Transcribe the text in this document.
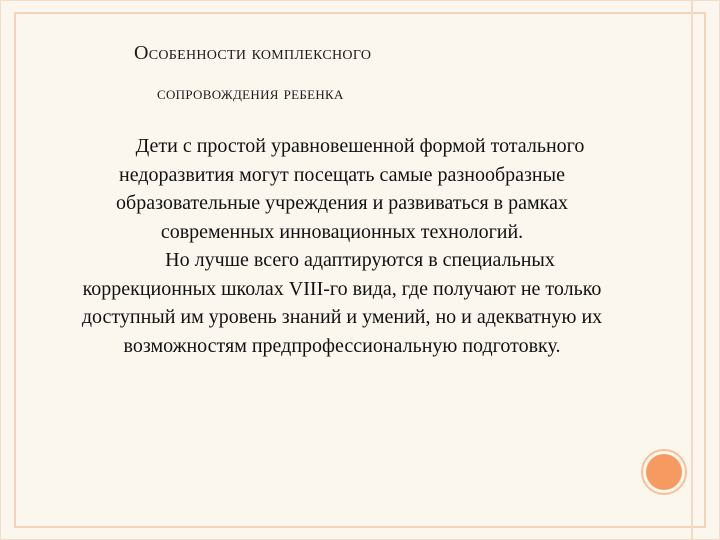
Особенности комплексного
сопровождения ребенка

Дети с простой уравновешенной формой тотального недоразвития могут посещать самые разнообразные образовательные учреждения и развиваться в рамках современных инновационных технологий.

Но лучше всего адаптируются в специальных коррекционных школах VIII-го вида, где получают не только доступный им уровень знаний и умений, но и адекватную их возможностям предпрофессиональную подготовку.
